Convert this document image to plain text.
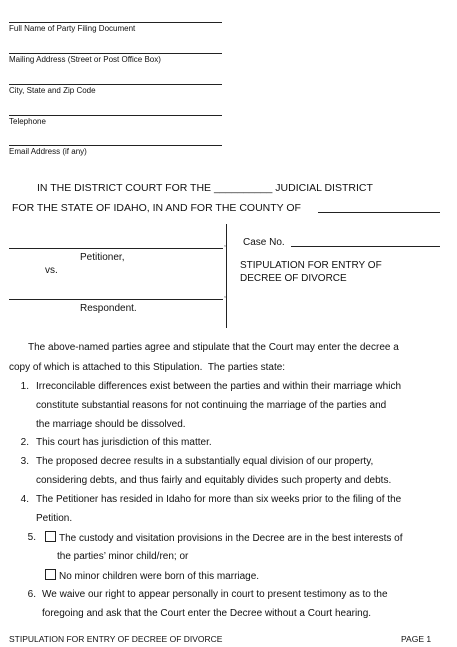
Full Name of Party Filing Document
Mailing Address (Street or Post Office Box)
City, State and Zip Code
Telephone
Email Address (if any)
IN THE DISTRICT COURT FOR THE __________ JUDICIAL DISTRICT
FOR THE STATE OF IDAHO, IN AND FOR THE COUNTY OF
,
Petitioner,
vs.
,
Respondent.
Case No.
STIPULATION FOR ENTRY OF
DECREE OF DIVORCE
The above-named parties agree and stipulate that the Court may enter the decree a
copy of which is attached to this Stipulation.  The parties state:
1. Irreconcilable differences exist between the parties and within their marriage which
constitute substantial reasons for not continuing the marriage of the parties and
the marriage should be dissolved.
2. This court has jurisdiction of this matter.
3. The proposed decree results in a substantially equal division of our property,
considering debts, and thus fairly and equitably divides such property and debts.
4. The Petitioner has resided in Idaho for more than six weeks prior to the filing of the
Petition.
5.	The custody and visitation provisions in the Decree are in the best interests of
the parties’ minor child/ren; or
No minor children were born of this marriage.
6. We waive our right to appear personally in court to present testimony as to the
foregoing and ask that the Court enter the Decree without a Court hearing.
STIPULATION FOR ENTRY OF DECREE OF DIVORCE	PAGE 1
